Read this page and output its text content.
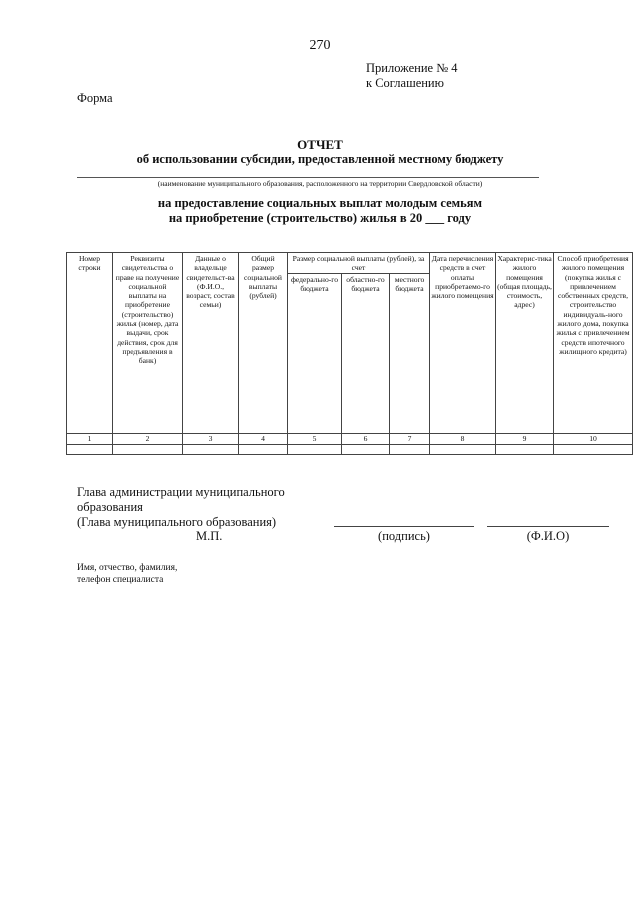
270
Приложение № 4
к Соглашению
Форма
ОТЧЕТ
об использовании субсидии, предоставленной местному бюджету
(наименование муниципального образования, расположенного на территории Свердловской области)
на предоставление социальных выплат молодым семьям
на приобретение (строительство) жилья в 20 ___ году
Номер строки	Реквизиты свидетельства о праве на получение социальной выплаты на приобретение (строительство) жилья (номер, дата выдачи, срок действия, срок для предъявления в банк)	Данные о владельце свидетельст-ва (Ф.И.О., возраст, состав семьи)	Общий размер социальной выплаты (рублей)	Размер социальной выплаты (рублей), за счет			Дата перечисления средств в счет оплаты приобретаемо-го жилого помещения	Характерис-тика жилого помещения (общая площадь, стоимость, адрес)	Способ приобретения жилого помещения (покупка жилья с привлечением собственных средств, строительство индивидуаль-ного жилого дома, покупка жилья с привлечением средств ипотечного жилищного кредита)
				федерально-го бюджета	областно-го бюджета	местного бюджета			
1	2	3	4	5	6	7	8	9	10

Глава администрации муниципального
образования
(Глава муниципального образования)
М.П.	(подпись)	(Ф.И.О)
Имя, отчество, фамилия,
телефон специалиста
